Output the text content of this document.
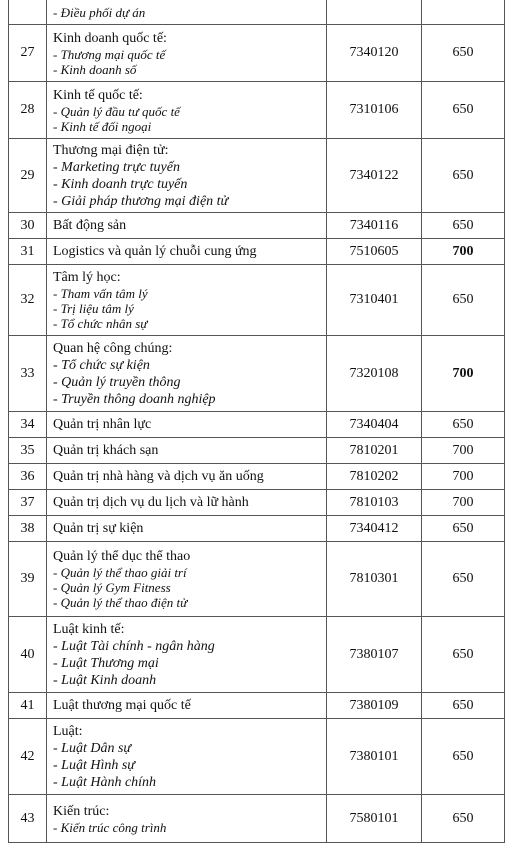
	- Điều phối dự án		

27	Kinh doanh quốc tế:
- Thương mại quốc tế
- Kinh doanh số	7340120	650
28	Kinh tế quốc tế:
- Quản lý đầu tư quốc tế
- Kinh tế đối ngoại	7310106	650
29	Thương mại điện tử:
- Marketing trực tuyến
- Kinh doanh trực tuyến
- Giải pháp thương mại điện tử	7340122	650
30	Bất động sản	7340116	650
31	Logistics và quản lý chuỗi cung ứng	7510605	700
32	Tâm lý học:
- Tham vấn tâm lý
- Trị liệu tâm lý
- Tổ chức nhân sự	7310401	650
33	Quan hệ công chúng:
- Tổ chức sự kiện
- Quản lý truyền thông
- Truyền thông doanh nghiệp	7320108	700
34	Quản trị nhân lực	7340404	650
35	Quản trị khách sạn	7810201	700
36	Quản trị nhà hàng và dịch vụ ăn uống	7810202	700
37	Quản trị dịch vụ du lịch và lữ hành	7810103	700
38	Quản trị sự kiện	7340412	650
39	Quản lý thể dục thể thao
- Quản lý thể thao giải trí
- Quản lý Gym Fitness
- Quản lý thể thao điện tử	7810301	650
40	Luật kinh tế:
- Luật Tài chính - ngân hàng
- Luật Thương mại
- Luật Kinh doanh	7380107	650
41	Luật thương mại quốc tế	7380109	650
42	Luật:
- Luật Dân sự
- Luật Hình sự
- Luật Hành chính	7380101	650
43	Kiến trúc:
- Kiến trúc công trình	7580101	650
